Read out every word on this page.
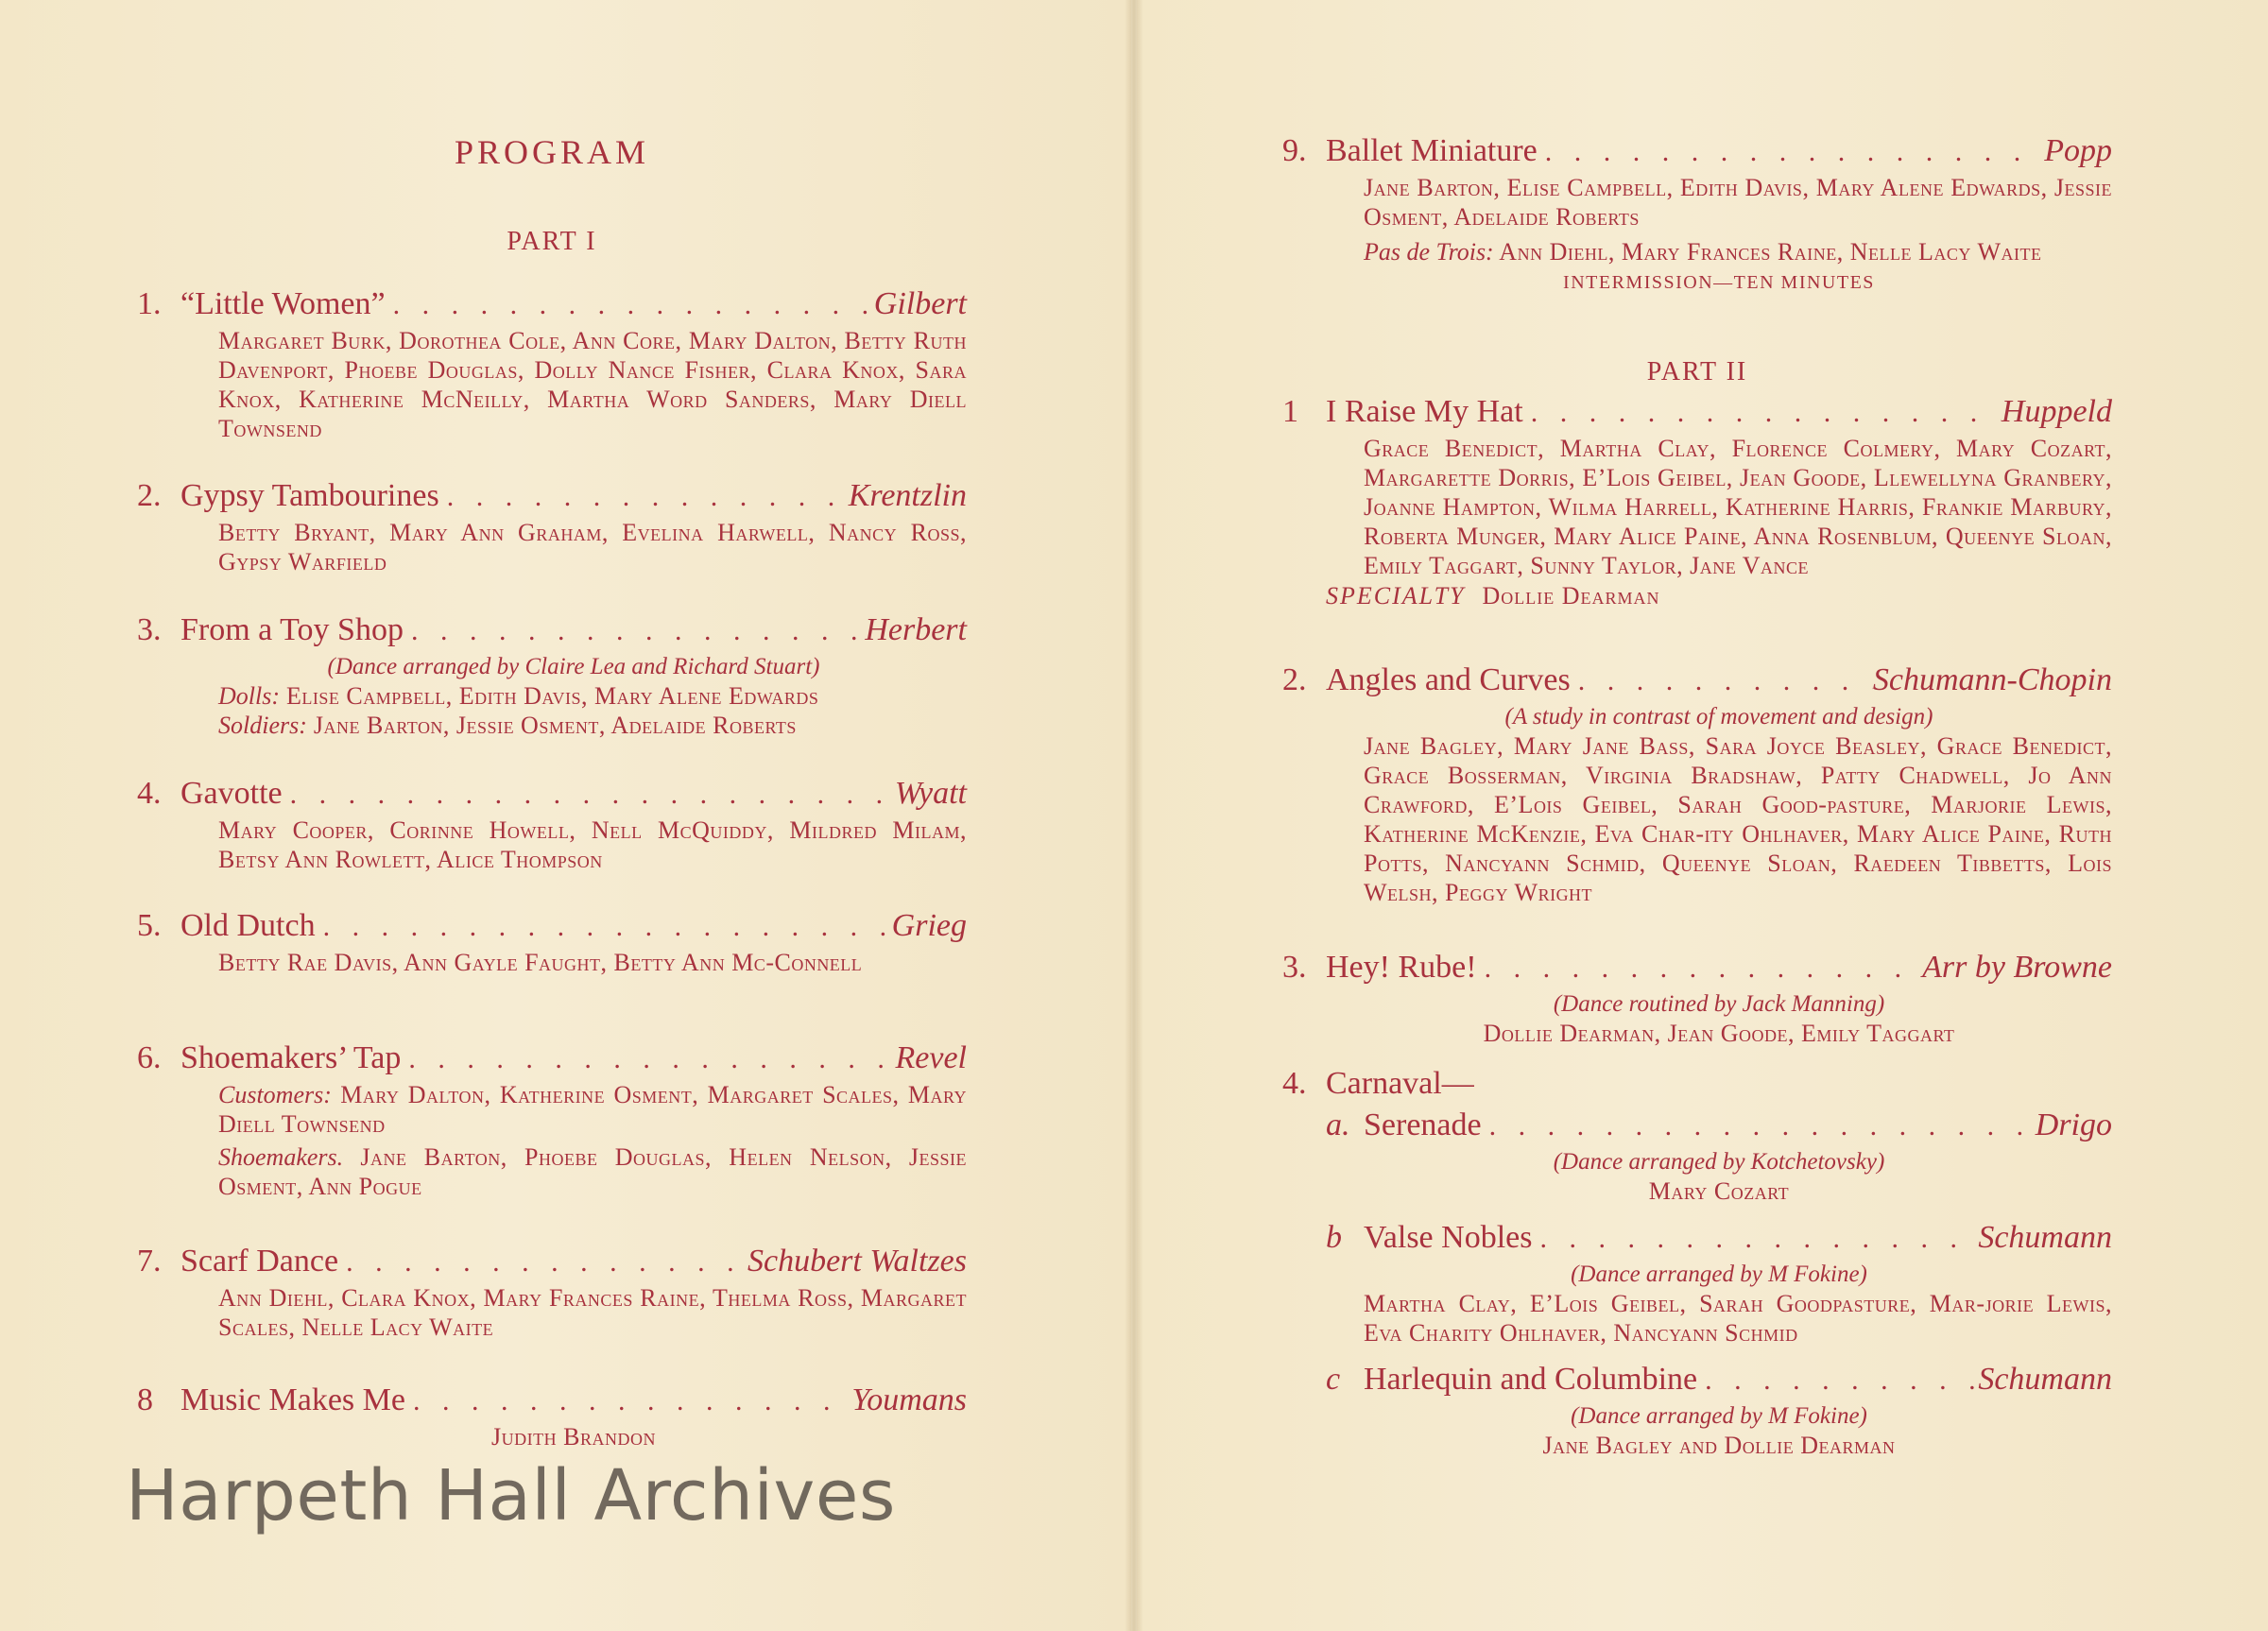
PROGRAM
PART I
1. “Little Women” . . .	Gilbert
Margaret Burk, Dorothea Cole, Ann Core, Mary Dalton, Betty Ruth Davenport, Phoebe Douglas, Dolly Nance Fisher, Clara Knox, Sara Knox, Katherine McNeilly, Martha Word Sanders, Mary Diell Townsend
2. Gypsy Tambourines . . .	Krentzlin
Betty Bryant, Mary Ann Graham, Evelina Harwell, Nancy Ross, Gypsy Warfield
3. From a Toy Shop . . .	Herbert
(Dance arranged by Claire Lea and Richard Stuart)
Dolls: Elise Campbell, Edith Davis, Mary Alene Edwards
Soldiers: Jane Barton, Jessie Osment, Adelaide Roberts
4. Gavotte . . .	Wyatt
Mary Cooper, Corinne Howell, Nell McQuiddy, Mildred Milam, Betsy Ann Rowlett, Alice Thompson
5. Old Dutch . . .	Grieg
Betty Rae Davis, Ann Gayle Faught, Betty Ann Mc-Connell
6. Shoemakers’ Tap . . .	Revel
Customers: Mary Dalton, Katherine Osment, Margaret Scales, Mary Diell Townsend
Shoemakers. Jane Barton, Phoebe Douglas, Helen Nelson, Jessie Osment, Ann Pogue
7. Scarf Dance . . .	Schubert Waltzes
Ann Diehl, Clara Knox, Mary Frances Raine, Thelma Ross, Margaret Scales, Nelle Lacy Waite
8 Music Makes Me . . .	Youmans
Judith Brandon
9. Ballet Miniature . . .	Popp
Jane Barton, Elise Campbell, Edith Davis, Mary Alene Edwards, Jessie Osment, Adelaide Roberts
Pas de Trois: Ann Diehl, Mary Frances Raine, Nelle Lacy Waite
INTERMISSION—TEN MINUTES
PART II
1 I Raise My Hat . . .	Huppeld
Grace Benedict, Martha Clay, Florence Colmery, Mary Cozart, Margarette Dorris, E’Lois Geibel, Jean Goode, Llewellyna Granbery, Joanne Hampton, Wilma Harrell, Katherine Harris, Frankie Marbury, Roberta Munger, Mary Alice Paine, Anna Rosenblum, Queenye Sloan, Emily Taggart, Sunny Taylor, Jane Vance
SPECIALTY Dollie Dearman
2. Angles and Curves . . .	Schumann-Chopin
(A study in contrast of movement and design)
Jane Bagley, Mary Jane Bass, Sara Joyce Beasley, Grace Benedict, Grace Bosserman, Virginia Bradshaw, Patty Chadwell, Jo Ann Crawford, E’Lois Geibel, Sarah Good-pasture, Marjorie Lewis, Katherine McKenzie, Eva Char-ity Ohlhaver, Mary Alice Paine, Ruth Potts, Nancyann Schmid, Queenye Sloan, Raedeen Tibbetts, Lois Welsh, Peggy Wright
3. Hey! Rube! . . .	Arr by Browne
(Dance routined by Jack Manning)
Dollie Dearman, Jean Goode, Emily Taggart
4. Carnaval—
a. Serenade . . .	Drigo
(Dance arranged by Kotchetovsky)
Mary Cozart
b Valse Nobles . . .	Schumann
(Dance arranged by M Fokine)
Martha Clay, E’Lois Geibel, Sarah Goodpasture, Mar-jorie Lewis, Eva Charity Ohlhaver, Nancyann Schmid
c Harlequin and Columbine . . .	Schumann
(Dance arranged by M Fokine)
Jane Bagley and Dollie Dearman
Harpeth Hall Archives
